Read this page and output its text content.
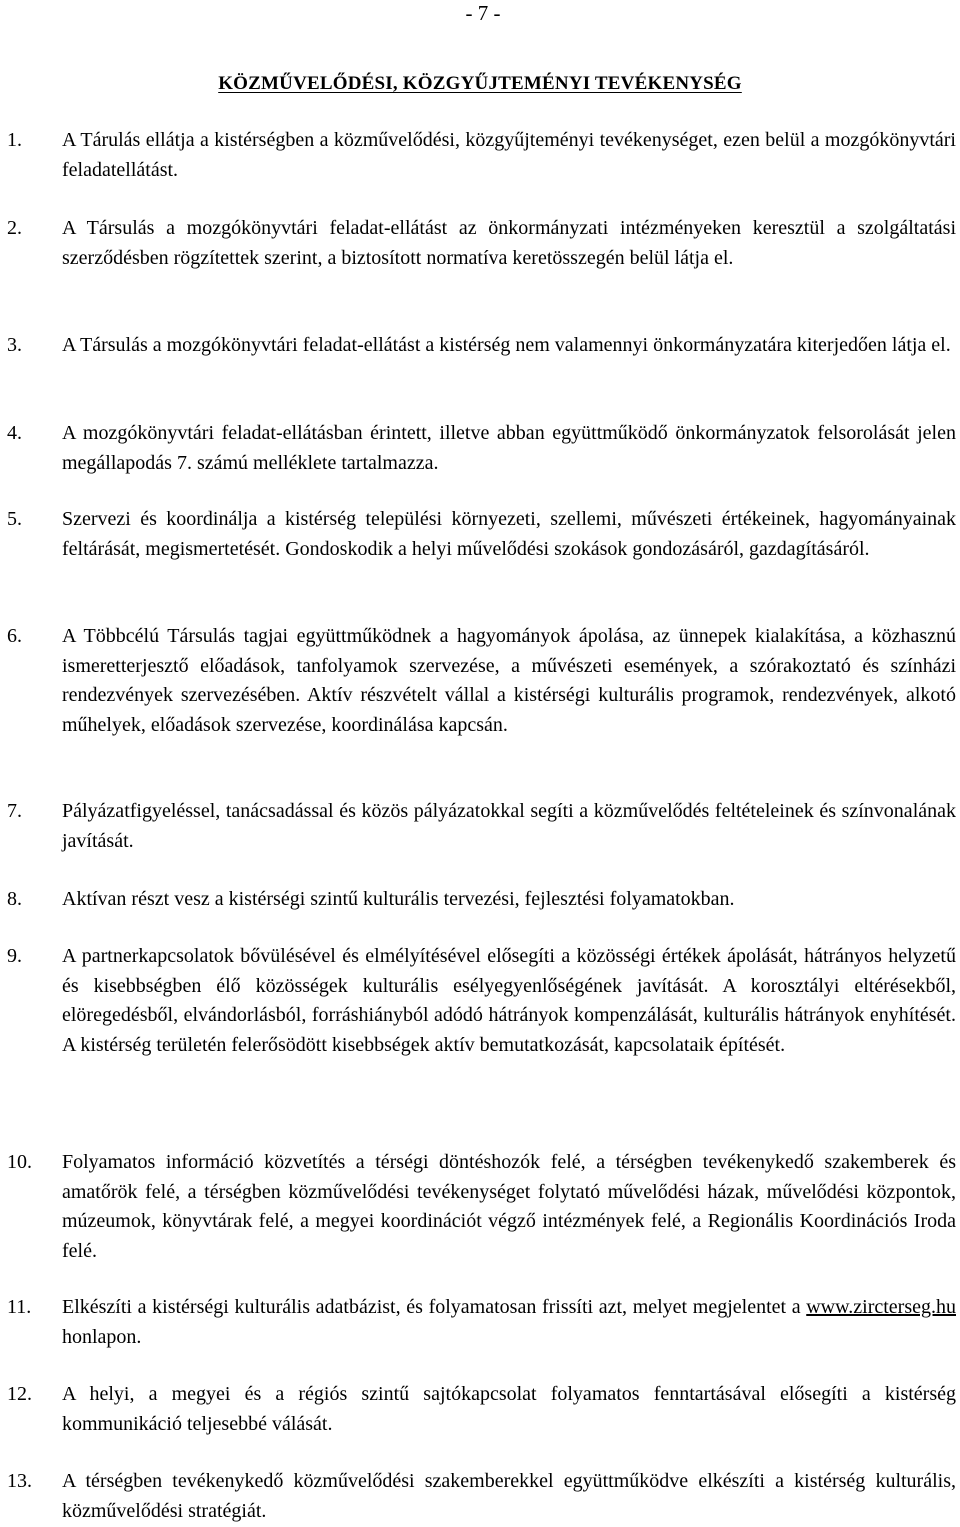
- 7 -
KÖZMŰVELŐDÉSI, KÖZGYŰJTEMÉNYI TEVÉKENYSÉG
1. A Tárulás ellátja a kistérségben a közművelődési, közgyűjteményi tevékenységet, ezen belül a mozgókönyvtári feladatellátást.
2. A Társulás a mozgókönyvtári feladat-ellátást az önkormányzati intézményeken keresztül a szolgáltatási szerződésben rögzítettek szerint, a biztosított normatíva keretösszegén belül látja el.
3. A Társulás a mozgókönyvtári feladat-ellátást a kistérség nem valamennyi önkormányzatára kiterjedően látja el.
4. A mozgókönyvtári feladat-ellátásban érintett, illetve abban együttműködő önkormányzatok felsorolását jelen megállapodás 7. számú melléklete tartalmazza.
5. Szervezi és koordinálja a kistérség települési környezeti, szellemi, művészeti értékeinek, hagyományainak feltárását, megismertetését. Gondoskodik a helyi művelődési szokások gondozásáról, gazdagításáról.
6. A Többcélú Társulás tagjai együttműködnek a hagyományok ápolása, az ünnepek kialakítása, a közhasznú ismeretterjesztő előadások, tanfolyamok szervezése, a művészeti események, a szórakoztató és színházi rendezvények szervezésében. Aktív részvételt vállal a kistérségi kulturális programok, rendezvények, alkotó műhelyek, előadások szervezése, koordinálása kapcsán.
7. Pályázatfigyeléssel, tanácsadással és közös pályázatokkal segíti a közművelődés feltételeinek és színvonalának javítását.
8. Aktívan részt vesz a kistérségi szintű kulturális tervezési, fejlesztési folyamatokban.
9. A partnerkapcsolatok bővülésével és elmélyítésével elősegíti a közösségi értékek ápolását, hátrányos helyzetű és kisebbségben élő közösségek kulturális esélyegyenlőségének javítását. A korosztályi eltérésekből, elöregedésből, elvándorlásból, forráshiányból adódó hátrányok kompenzálását, kulturális hátrányok enyhítését. A kistérség területén felerősödött kisebbségek aktív bemutatkozását, kapcsolataik építését.
10. Folyamatos információ közvetítés a térségi döntéshozók felé, a térségben tevékenykedő szakemberek és amatőrök felé, a térségben közművelődési tevékenységet folytató művelődési házak, művelődési központok, múzeumok, könyvtárak felé, a megyei koordinációt végző intézmények felé, a Regionális Koordinációs Iroda felé.
11. Elkészíti a kistérségi kulturális adatbázist, és folyamatosan frissíti azt, melyet megjelentet a www.zircterseg.hu honlapon.
12. A helyi, a megyei és a régiós szintű sajtókapcsolat folyamatos fenntartásával elősegíti a kistérség kommunikáció teljesebbé válását.
13. A térségben tevékenykedő közművelődési szakemberekkel együttműködve elkészíti a kistérség kulturális, közművelődési stratégiát.
